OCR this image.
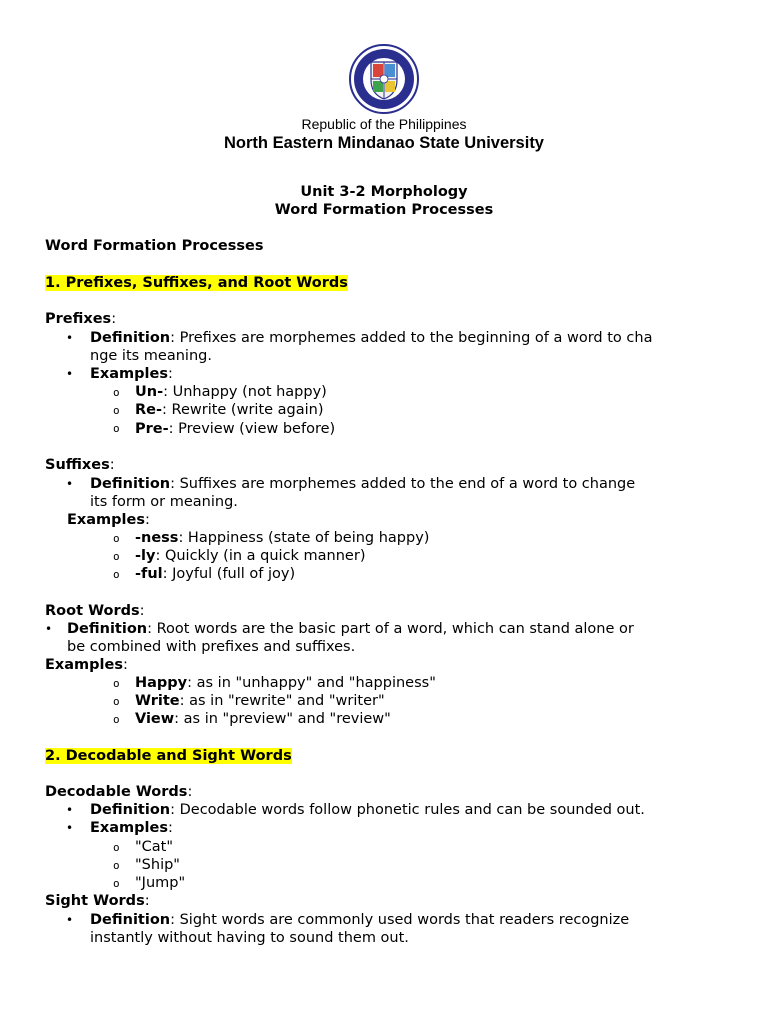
Republic of the Philippines
North Eastern Mindanao State University
Unit 3-2 Morphology
Word Formation Processes
Word Formation Processes
1. Prefixes, Suffixes, and Root Words
Prefixes:
• Definition: Prefixes are morphemes added to the beginning of a word to cha
nge its meaning.
• Examples:
o Un-: Unhappy (not happy)
o Re-: Rewrite (write again)
o Pre-: Preview (view before)
Suffixes:
• Definition: Suffixes are morphemes added to the end of a word to change
its form or meaning.
Examples:
o -ness: Happiness (state of being happy)
o -ly: Quickly (in a quick manner)
o -ful: Joyful (full of joy)
Root Words:
• Definition: Root words are the basic part of a word, which can stand alone or
be combined with prefixes and suffixes.
Examples:
o Happy: as in "unhappy" and "happiness"
o Write: as in "rewrite" and "writer"
o View: as in "preview" and "review"
2. Decodable and Sight Words
Decodable Words:
• Definition: Decodable words follow phonetic rules and can be sounded out.
• Examples:
o "Cat"
o "Ship"
o "Jump"
Sight Words:
• Definition: Sight words are commonly used words that readers recognize
instantly without having to sound them out.
